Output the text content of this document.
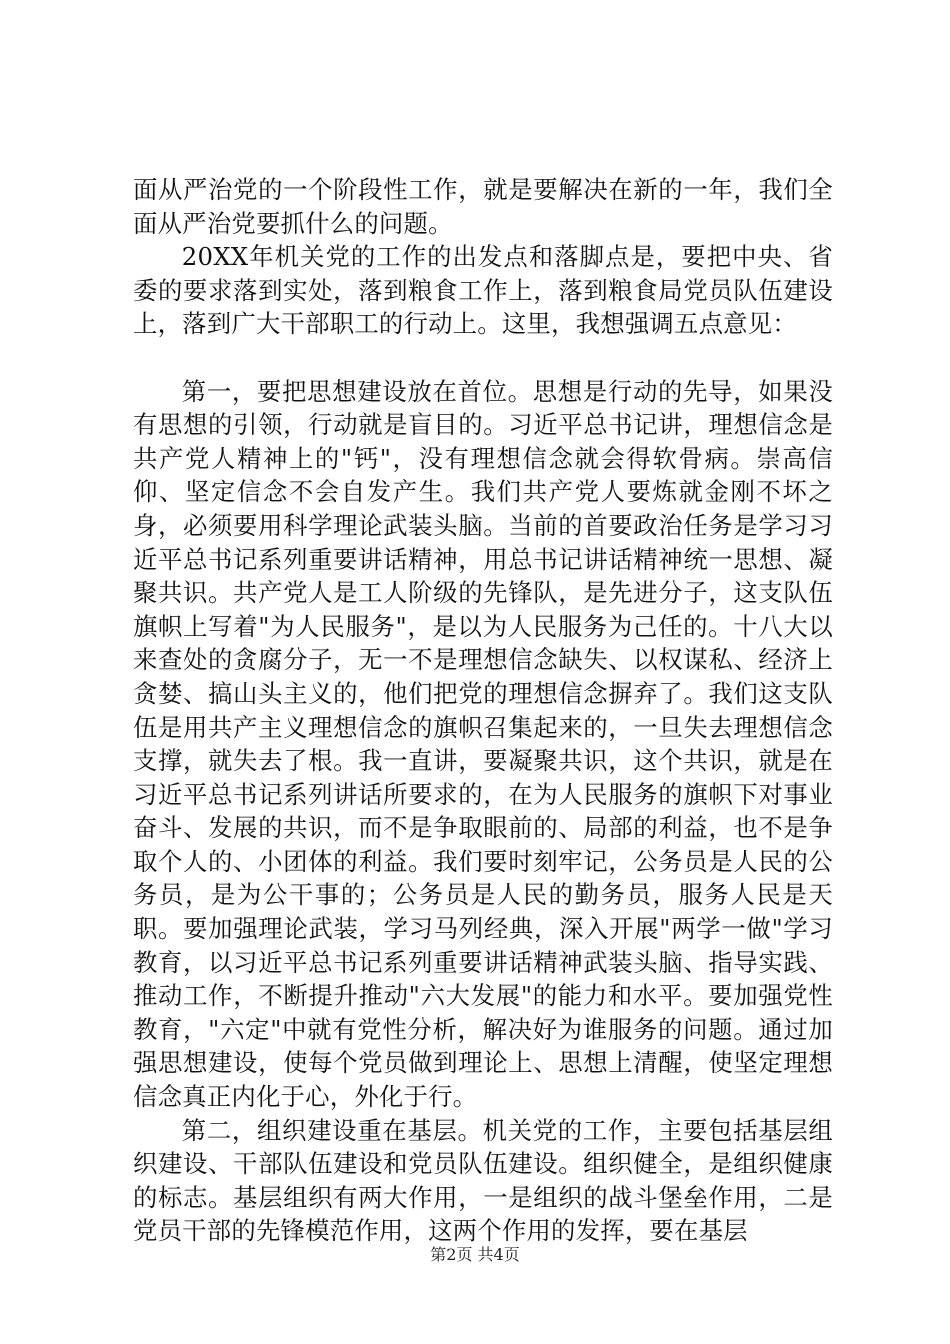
面从严治党的一个阶段性工作，就是要解决在新的一年，我们全面从严治党要抓什么的问题。

20XX年机关党的工作的出发点和落脚点是，要把中央、省委的要求落到实处，落到粮食工作上，落到粮食局党员队伍建设上，落到广大干部职工的行动上。这里，我想强调五点意见：

第一，要把思想建设放在首位。思想是行动的先导，如果没有思想的引领，行动就是盲目的。习近平总书记讲，理想信念是共产党人精神上的"钙"，没有理想信念就会得软骨病。崇高信仰、坚定信念不会自发产生。我们共产党人要炼就金刚不坏之身，必须要用科学理论武装头脑。当前的首要政治任务是学习习近平总书记系列重要讲话精神，用总书记讲话精神统一思想、凝聚共识。共产党人是工人阶级的先锋队，是先进分子，这支队伍旗帜上写着"为人民服务"，是以为人民服务为己任的。十八大以来查处的贪腐分子，无一不是理想信念缺失、以权谋私、经济上贪婪、搞山头主义的，他们把党的理想信念摒弃了。我们这支队伍是用共产主义理想信念的旗帜召集起来的，一旦失去理想信念支撑，就失去了根。我一直讲，要凝聚共识，这个共识，就是在习近平总书记系列讲话所要求的，在为人民服务的旗帜下对事业奋斗、发展的共识，而不是争取眼前的、局部的利益，也不是争取个人的、小团体的利益。我们要时刻牢记，公务员是人民的公务员，是为公干事的；公务员是人民的勤务员，服务人民是天职。要加强理论武装，学习马列经典，深入开展"两学一做"学习教育，以习近平总书记系列重要讲话精神武装头脑、指导实践、推动工作，不断提升推动"六大发展"的能力和水平。要加强党性教育，"六定"中就有党性分析，解决好为谁服务的问题。通过加强思想建设，使每个党员做到理论上、思想上清醒，使坚定理想信念真正内化于心，外化于行。

第二，组织建设重在基层。机关党的工作，主要包括基层组织建设、干部队伍建设和党员队伍建设。组织健全，是组织健康的标志。基层组织有两大作用，一是组织的战斗堡垒作用，二是党员干部的先锋模范作用，这两个作用的发挥，要在基层

第2页 共4页
